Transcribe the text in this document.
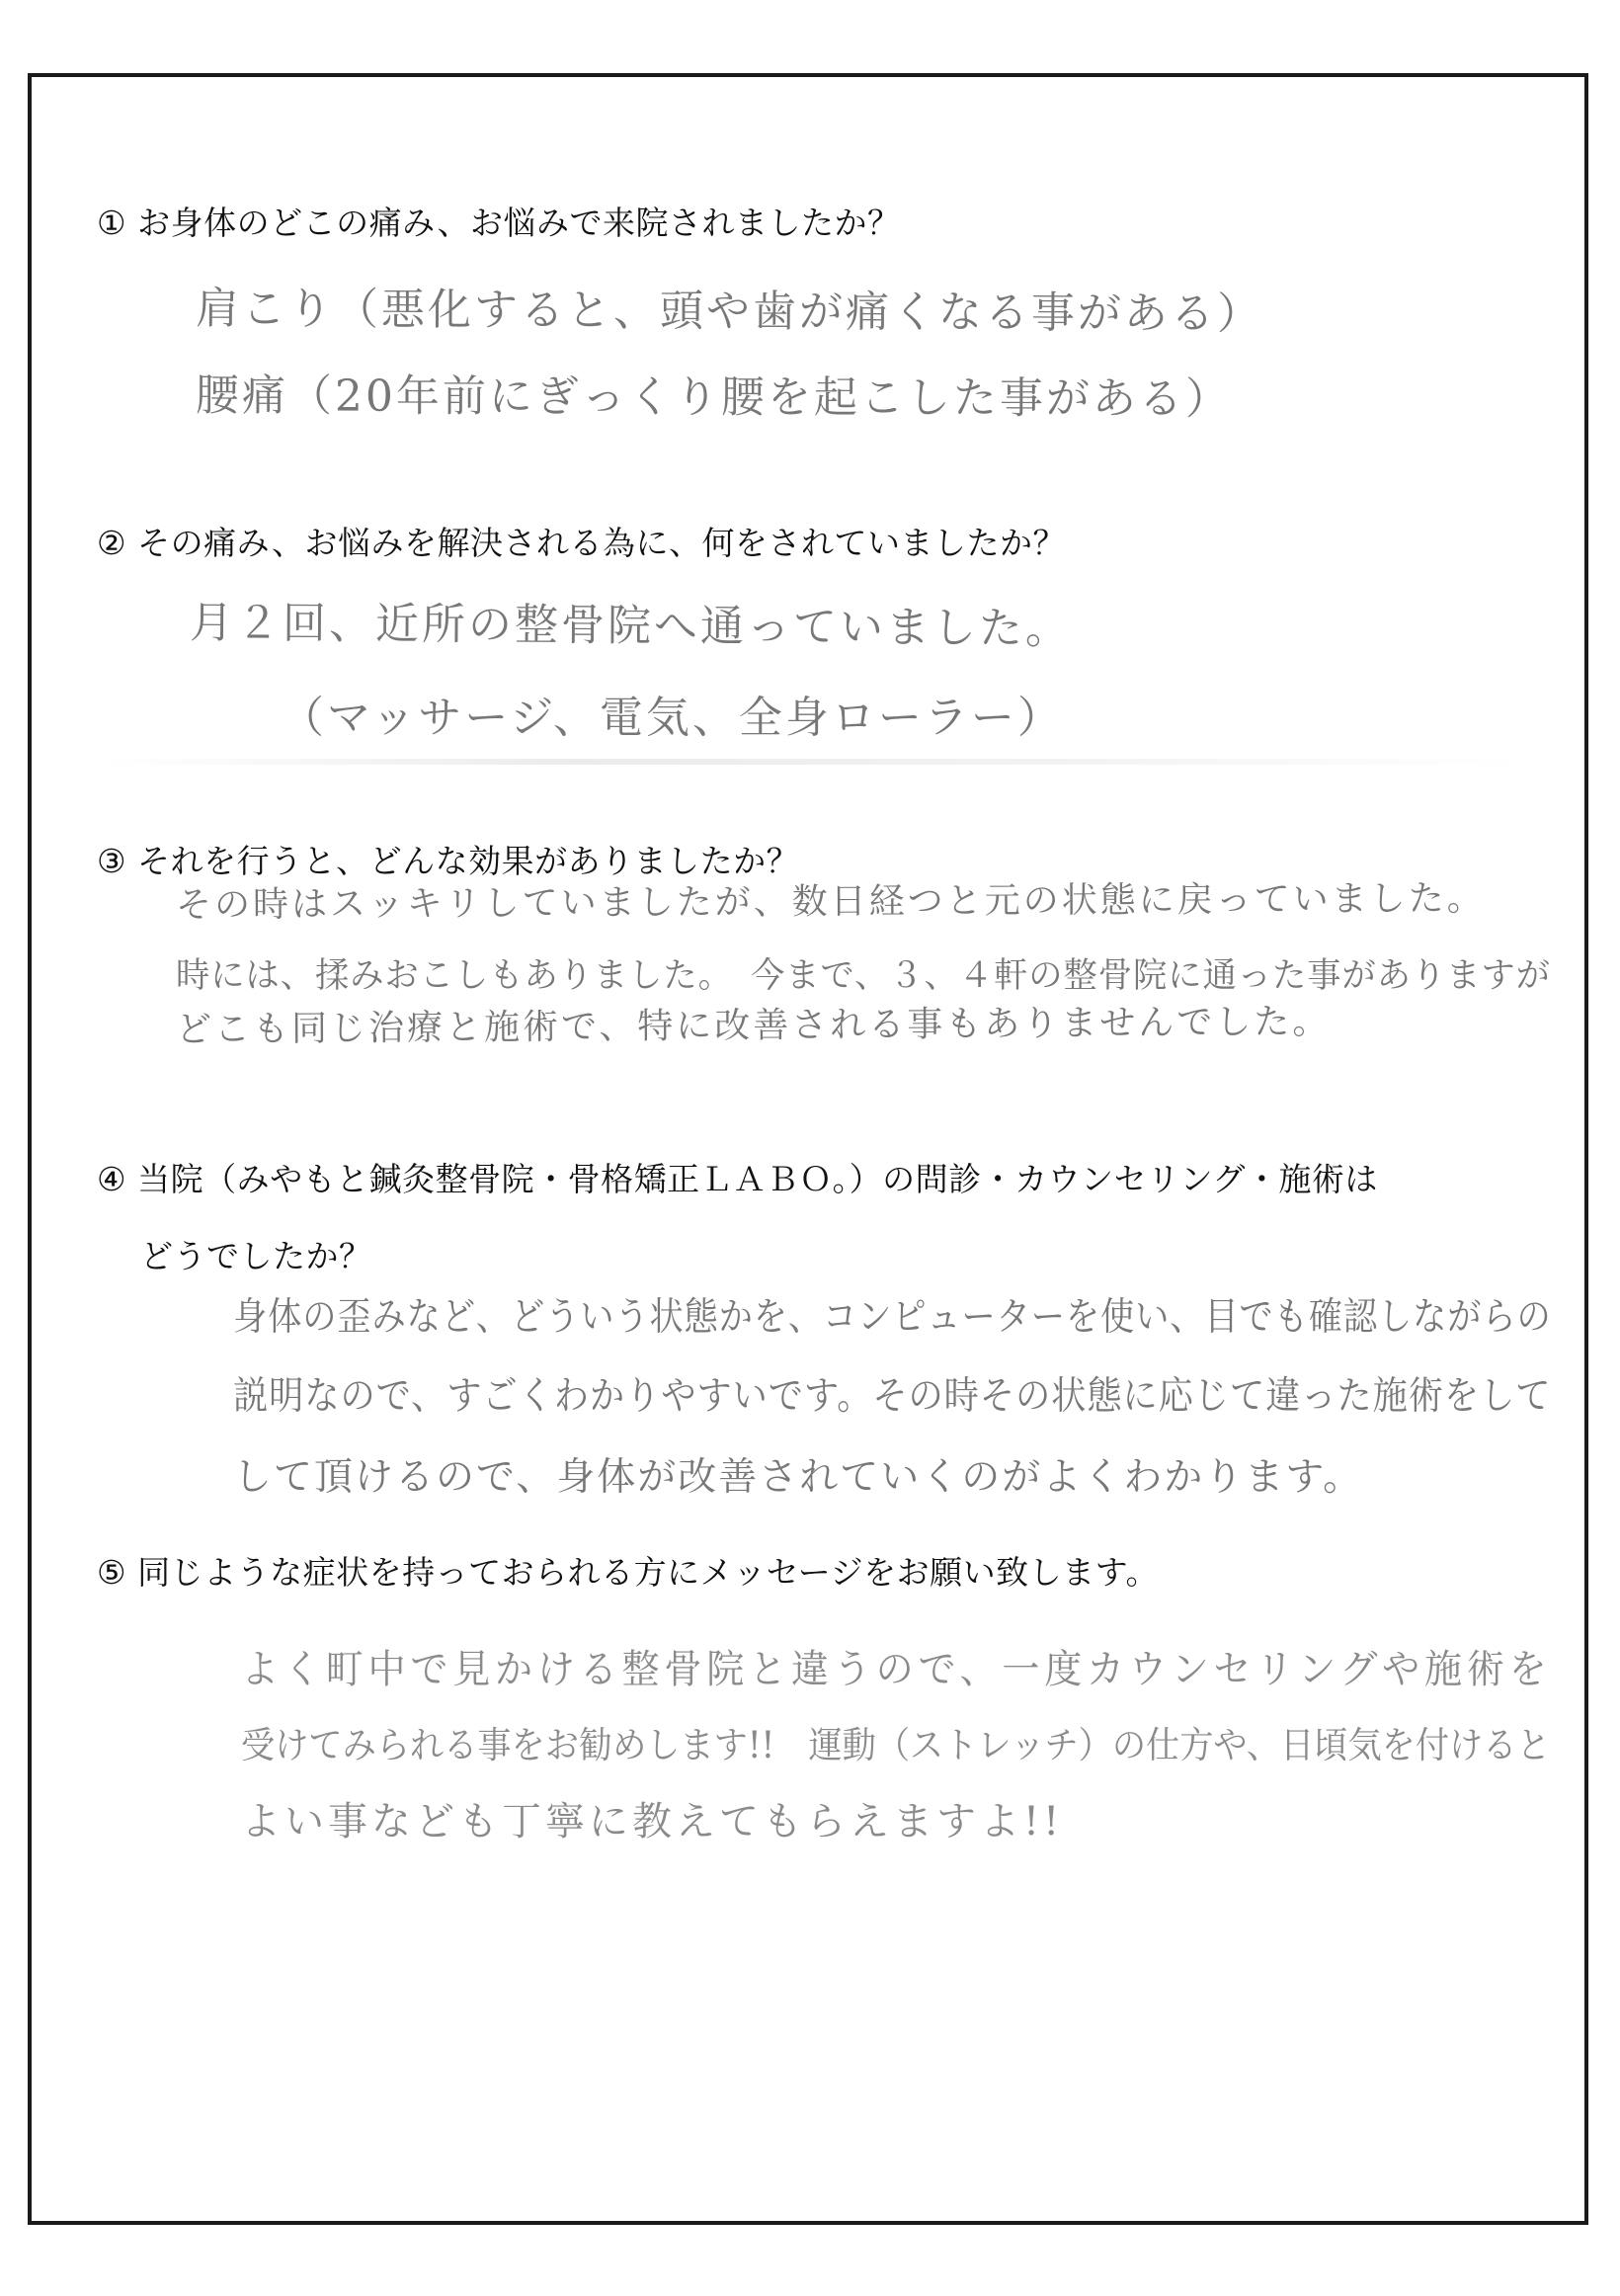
① お身体のどこの痛み、お悩みで来院されましたか？
肩こり（悪化すると、頭や歯が痛くなる事がある）
腰痛（20年前にぎっくり腰を起こした事がある）
② その痛み、お悩みを解決される為に、何をされていましたか？
月２回、近所の整骨院へ通っていました。
（マッサージ、電気、全身ローラー）
③ それを行うと、どんな効果がありましたか？
その時はスッキリしていましたが、数日経つと元の状態に戻っていました。
時には、揉みおこしもありました。　今まで、３、４軒の整骨院に通った事がありますが
どこも同じ治療と施術で、特に改善される事もありませんでした。
④ 当院（みやもと鍼灸整骨院・骨格矯正ＬＡＢＯ。）の問診・カウンセリング・施術は
どうでしたか？
身体の歪みなど、どういう状態かを、コンピューターを使い、目でも確認しながらの
説明なので、すごくわかりやすいです。その時その状態に応じて違った施術をして
して頂けるので、身体が改善されていくのがよくわかります。
⑤ 同じような症状を持っておられる方にメッセージをお願い致します。
よく町中で見かける整骨院と違うので、一度カウンセリングや施術を
受けてみられる事をお勧めします!!　運動（ストレッチ）の仕方や、日頃気を付けると
よい事なども丁寧に教えてもらえますよ!!
